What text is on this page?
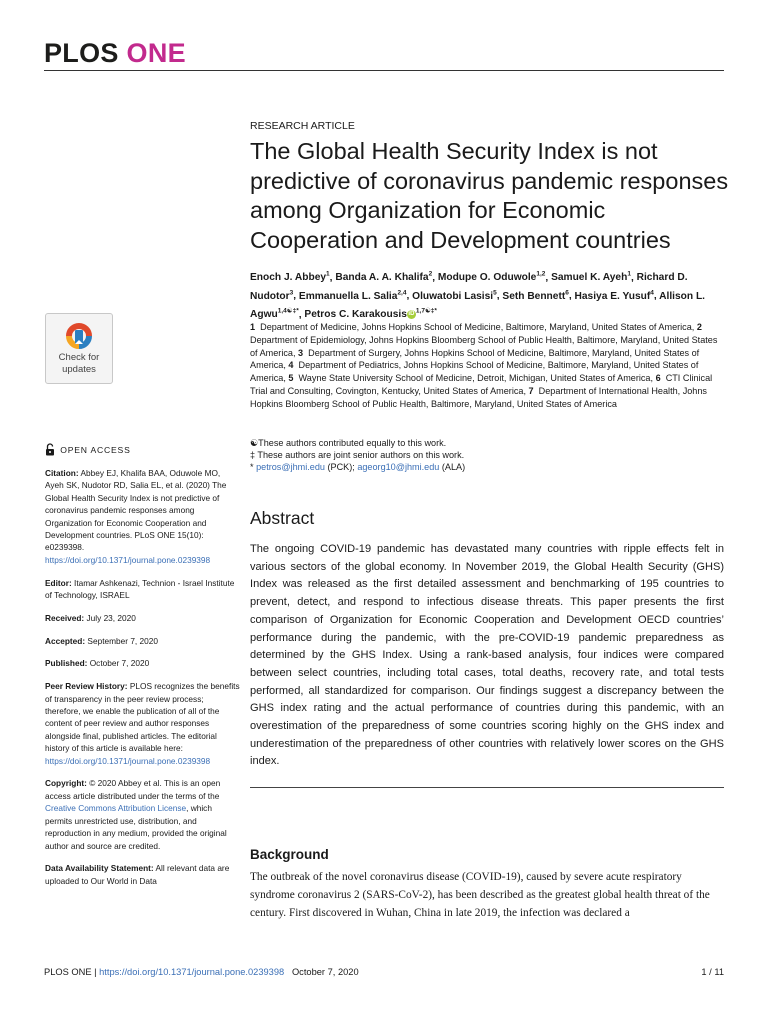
PLOS ONE
RESEARCH ARTICLE
The Global Health Security Index is not predictive of coronavirus pandemic responses among Organization for Economic Cooperation and Development countries
Enoch J. Abbey$^1$, Banda A. A. Khalifa$^2$, Modupe O. Oduwole$^{1,2}$, Samuel K. Ayeh$^1$, Richard D. Nudotor$^3$, Emmanuella L. Salia$^{2,4}$, Oluwatobi Lasisi$^5$, Seth Bennett$^6$, Hasiya E. Yusuf$^4$, Allison L. Agwu$^{1,4☯\ddagger*}$, Petros C. Karakousis iD $^{1,7☯\ddagger*}$
1 Department of Medicine, Johns Hopkins School of Medicine, Baltimore, Maryland, United States of America, 2  Department of Epidemiology, Johns Hopkins Bloomberg School of Public Health, Baltimore, Maryland, United States of America, 3 Department of Surgery, Johns Hopkins School of Medicine, Baltimore, Maryland, United States of America, 4 Department of Pediatrics, Johns Hopkins School of Medicine, Baltimore, Maryland, United States of America, 5 Wayne State University School of Medicine, Detroit, Michigan, United States of America, 6 CTI Clinical Trial and Consulting, Covington, Kentucky, United States of America, 7 Department of International Health, Johns Hopkins Bloomberg School of Public Health, Baltimore, Maryland, United States of America
☯These authors contributed equally to this work.
‡ These authors are joint senior authors on this work.
* petros@jhmi.edu (PCK); ageorg10@jhmi.edu (ALA)
Abstract

The ongoing COVID-19 pandemic has devastated many countries with ripple effects felt in various sectors of the global economy. In November 2019, the Global Health Security (GHS) Index was released as the first detailed assessment and benchmarking of 195 countries to prevent, detect, and respond to infectious disease threats. This paper presents the first comparison of Organization for Economic Cooperation and Development OECD countries’ performance during the pandemic, with the pre-COVID-19 pandemic preparedness as determined by the GHS Index. Using a rank-based analysis, four indices were compared between select countries, including total cases, total deaths, recovery rate, and total tests performed, all standardized for comparison. Our findings suggest a discrepancy between the GHS index rating and the actual performance of countries during this pandemic, with an overestimation of the preparedness of some countries scoring highly on the GHS index and underestimation of the preparedness of other countries with relatively lower scores on the GHS index.

Background

The outbreak of the novel coronavirus disease (COVID-19), caused by severe acute respiratory syndrome coronavirus 2 (SARS-CoV-2), has been described as the greatest global health threat of the century. First discovered in Wuhan, China in late 2019, the infection was declared a

Check for
updates
OPEN ACCESS

Citation: Abbey EJ, Khalifa BAA, Oduwole MO, Ayeh SK, Nudotor RD, Salia EL, et al. (2020) The Global Health Security Index is not predictive of coronavirus pandemic responses among Organization for Economic Cooperation and Development countries. PLoS ONE 15(10): e0239398. https://doi.org/10.1371/journal.pone.0239398

Editor: Itamar Ashkenazi, Technion - Israel Institute of Technology, ISRAEL

Received: July 23, 2020

Accepted: September 7, 2020

Published: October 7, 2020

Peer Review History: PLOS recognizes the benefits of transparency in the peer review process; therefore, we enable the publication of all of the content of peer review and author responses alongside final, published articles. The editorial history of this article is available here: https://doi.org/10.1371/journal.pone.0239398

Copyright: © 2020 Abbey et al. This is an open access article distributed under the terms of the Creative Commons Attribution License, which permits unrestricted use, distribution, and reproduction in any medium, provided the original author and source are credited.

Data Availability Statement: All relevant data are uploaded to Our World in Data

PLOS ONE | https://doi.org/10.1371/journal.pone.0239398 October 7, 2020	1 / 11
